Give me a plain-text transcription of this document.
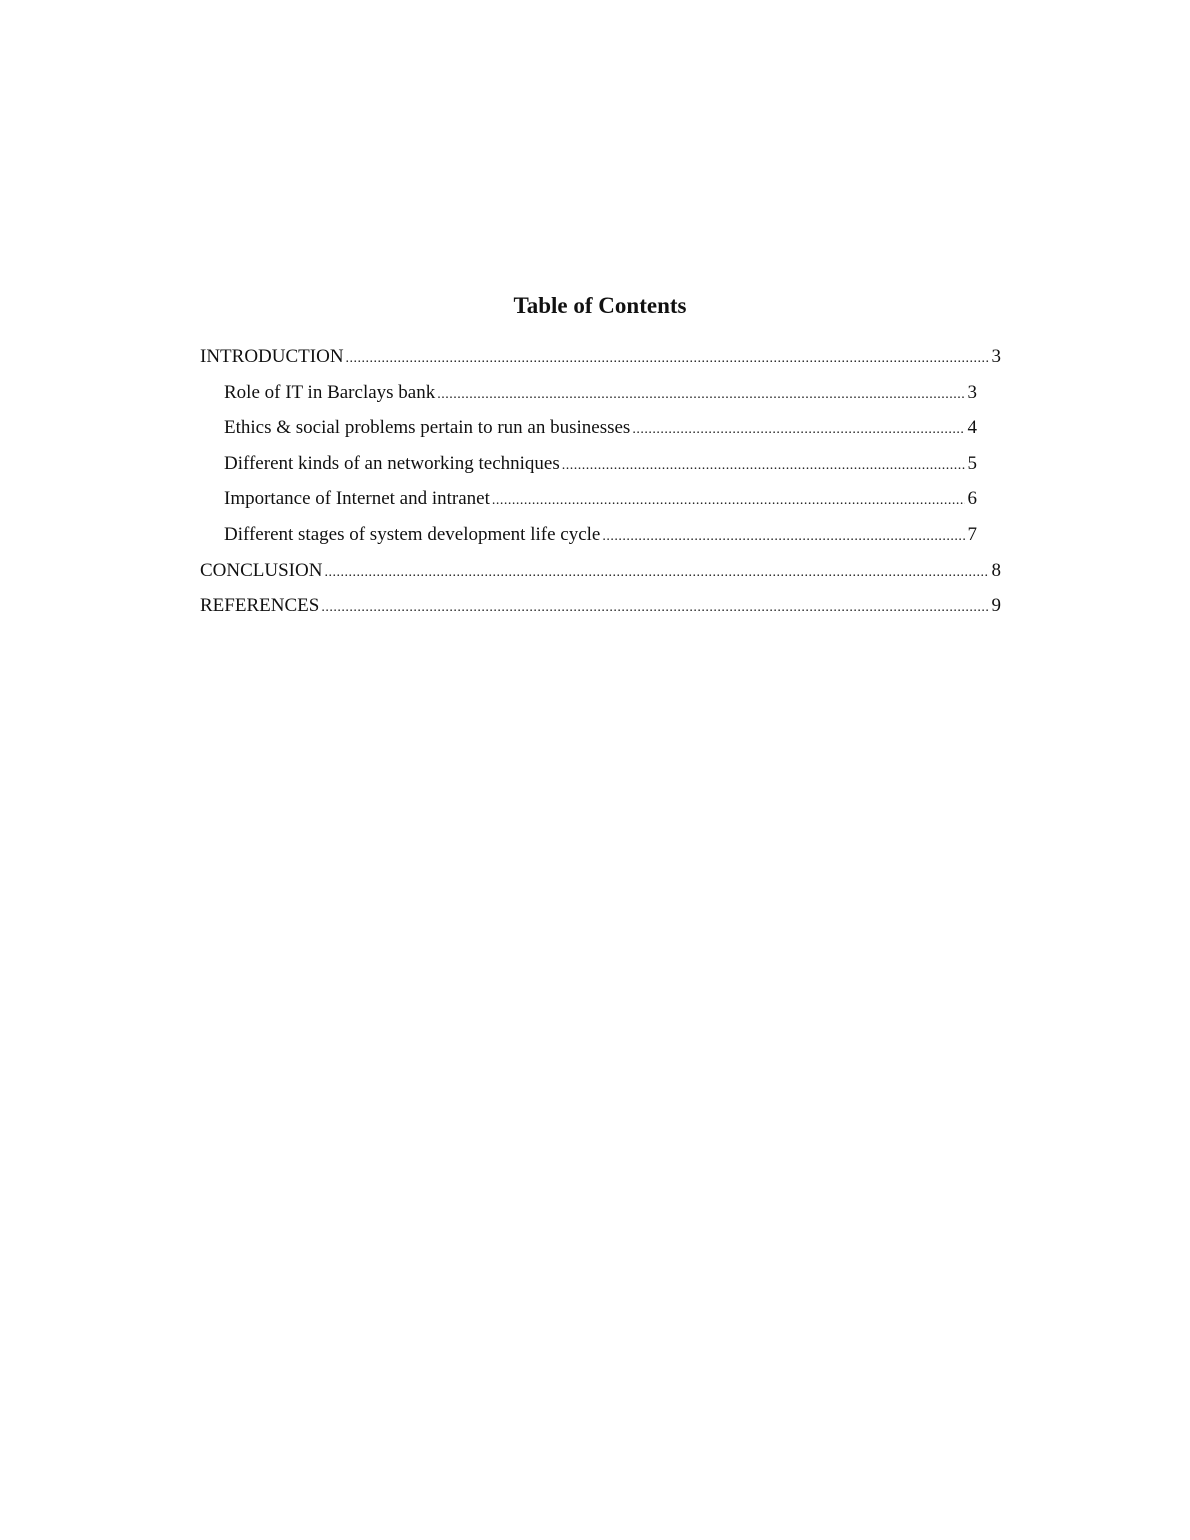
Table of Contents
INTRODUCTION .....	3
Role of IT in Barclays bank .....	3
Ethics & social problems pertain to run an businesses .....	4
Different kinds of an networking techniques .....	5
Importance of Internet and intranet .....	6
Different stages of system development life cycle .....	7
CONCLUSION .....	8
REFERENCES .....	9
